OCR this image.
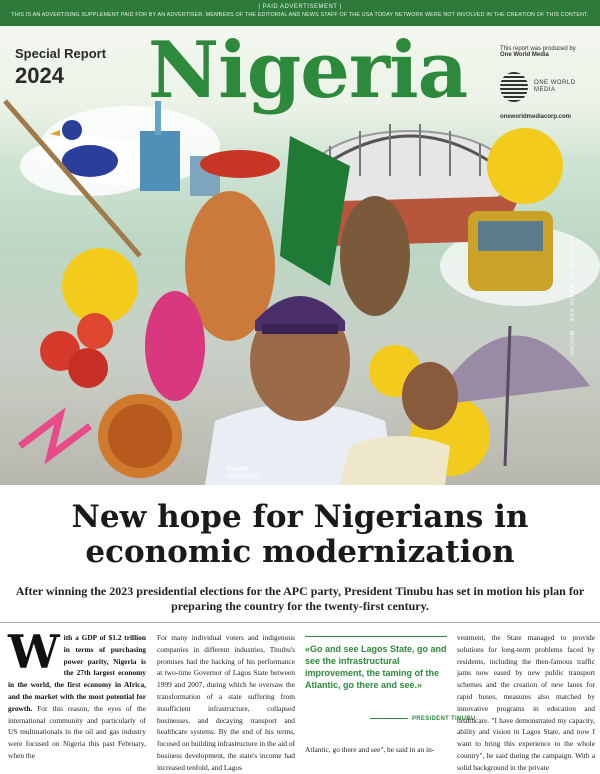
| PAID ADVERTISEMENT |
THIS IS AN ADVERTISING SUPPLEMENT PAID FOR BY AN ADVERTISER. MEMBERS OF THE EDITORIAL AND NEWS STAFF OF THE USA TODAY NETWORK WERE NOT INVOLVED IN THE CREATION OF THIS CONTENT.
Special Report
2024	Nigeria	This report was produced by
One World Media
ONE WORLD MEDIA
oneworldmediacorp.com
COLLAGE BY MAGIC ESE - MUCHU
TINUBU
PRESIDENT
New hope for Nigerians in economic modernization

After winning the 2023 presidential elections for the APC party, President Tinubu has set in motion his plan for preparing the country for the twenty-first century.

With a GDP of $1.2 trillion in terms of purchasing power parity, Nigeria is the 27th largest economy in the world, the first economy in Africa, and the market with the most potential for growth. For this reason, the eyes of the international community and particularly of US multinationals in the oil and gas industry were focused on Nigeria this past February, when the
For many individual voters and indigenous companies in different industries, Tinubu's promises had the backing of his performance at two-time Governor of Lagos State between 1999 and 2007, during which he oversaw the transformation of a state suffering from insufficient infrastructure, collapsed businesses, and decaying transport and healthcare systems. By the end of his terms, focused on building infrastructure in the aid of business development, the state's income had increased tenfold, and Lagos
«Go and see Lagos State, go and see the infrastructural improvement, the taming of the Atlantic, go there and see.»
PRESIDENT TINUBU
Atlantic, go there and see", he said in an in-
vestment, the State managed to provide solutions for long-term problems faced by residents, including the then-famous traffic jams now eased by new public transport schemes and the creation of new lanes for rapid buses, measures also matched by innovative programs in education and healthcare. "I have demonstrated my capacity, ability and vision in Lagos State, and now I want to bring this experience to the whole country", he said during the campaign. With a solid background in the private
